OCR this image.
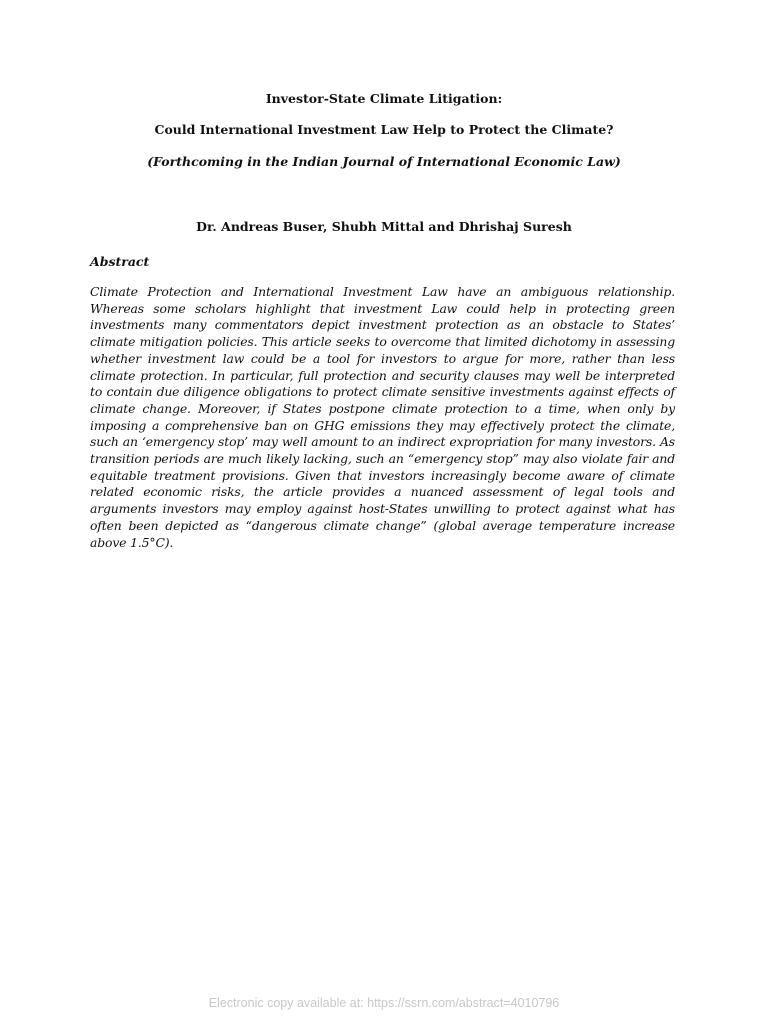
Investor-State Climate Litigation:
Could International Investment Law Help to Protect the Climate?
(Forthcoming in the Indian Journal of International Economic Law)
Dr. Andreas Buser, Shubh Mittal and Dhrishaj Suresh
Abstract
Climate Protection and International Investment Law have an ambiguous relationship. Whereas some scholars highlight that investment Law could help in protecting green investments many commentators depict investment protection as an obstacle to States’ climate mitigation policies. This article seeks to overcome that limited dichotomy in assessing whether investment law could be a tool for investors to argue for more, rather than less climate protection. In particular, full protection and security clauses may well be interpreted to contain due diligence obligations to protect climate sensitive investments against effects of climate change. Moreover, if States postpone climate protection to a time, when only by imposing a comprehensive ban on GHG emissions they may effectively protect the climate, such an ‘emergency stop’ may well amount to an indirect expropriation for many investors. As transition periods are much likely lacking, such an “emergency stop” may also violate fair and equitable treatment provisions. Given that investors increasingly become aware of climate related economic risks, the article provides a nuanced assessment of legal tools and arguments investors may employ against host-States unwilling to protect against what has often been depicted as “dangerous climate change” (global average temperature increase above 1.5°C).
Electronic copy available at: https://ssrn.com/abstract=4010796
